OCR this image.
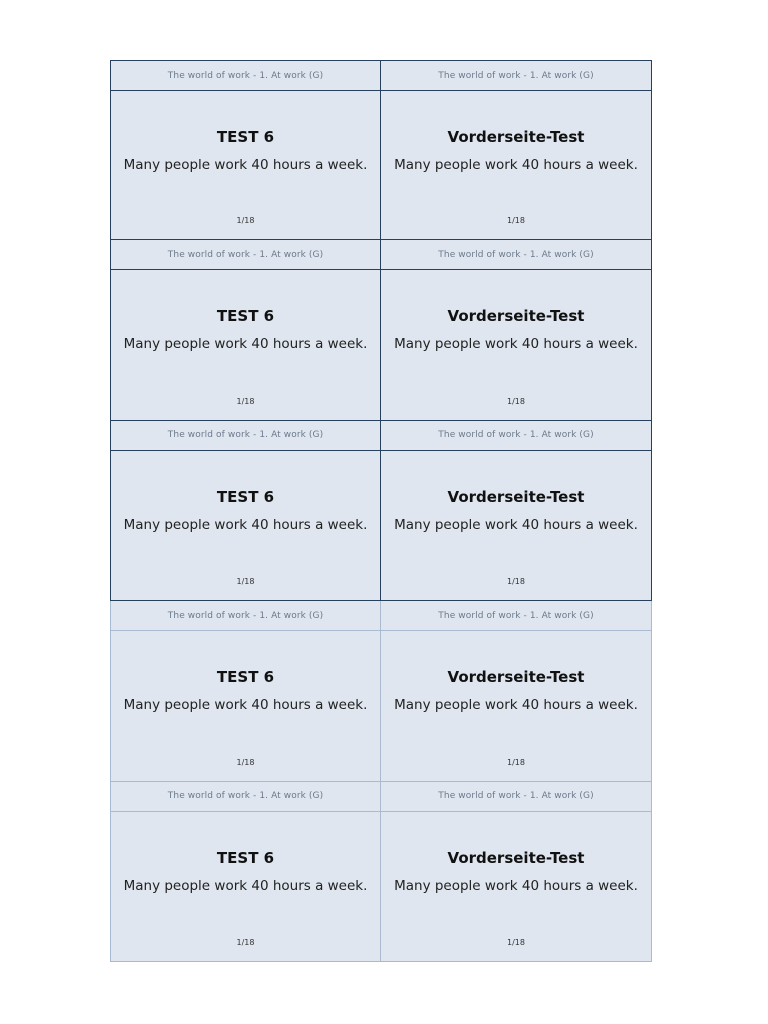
The world of work - 1. At work (G)
TEST 6
Many people work 40 hours a week.
1/18
The world of work - 1. At work (G)
Vorderseite-Test
Many people work 40 hours a week.
1/18
The world of work - 1. At work (G)
TEST 6
Many people work 40 hours a week.
1/18
The world of work - 1. At work (G)
Vorderseite-Test
Many people work 40 hours a week.
1/18
The world of work - 1. At work (G)
TEST 6
Many people work 40 hours a week.
1/18
The world of work - 1. At work (G)
Vorderseite-Test
Many people work 40 hours a week.
1/18
The world of work - 1. At work (G)
TEST 6
Many people work 40 hours a week.
1/18
The world of work - 1. At work (G)
Vorderseite-Test
Many people work 40 hours a week.
1/18
The world of work - 1. At work (G)
TEST 6
Many people work 40 hours a week.
1/18
The world of work - 1. At work (G)
Vorderseite-Test
Many people work 40 hours a week.
1/18
